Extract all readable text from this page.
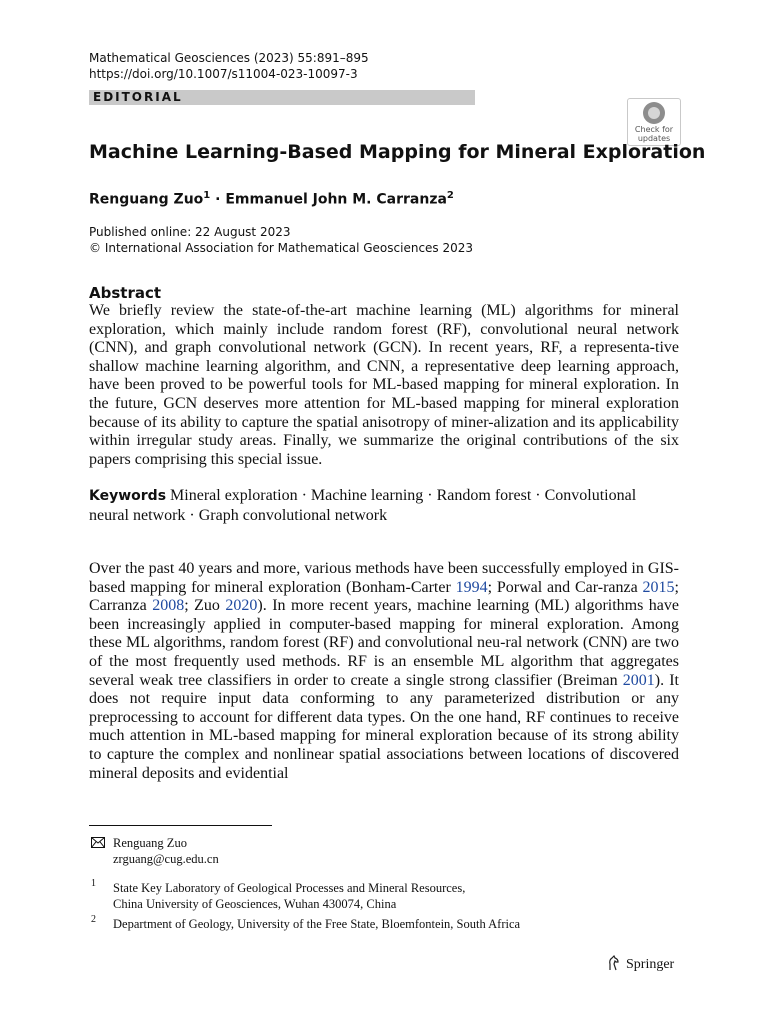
Mathematical Geosciences (2023) 55:891–895
https://doi.org/10.1007/s11004-023-10097-3
EDITORIAL
Check for
updates
Machine Learning-Based Mapping for Mineral Exploration
Renguang Zuo$^1$ · Emmanuel John M. Carranza$^2$
Published online: 22 August 2023
© International Association for Mathematical Geosciences 2023
Abstract
We briefly review the state-of-the-art machine learning (ML) algorithms for mineral exploration, which mainly include random forest (RF), convolutional neural network (CNN), and graph convolutional network (GCN). In recent years, RF, a representa-tive shallow machine learning algorithm, and CNN, a representative deep learning approach, have been proved to be powerful tools for ML-based mapping for mineral exploration. In the future, GCN deserves more attention for ML-based mapping for mineral exploration because of its ability to capture the spatial anisotropy of miner-alization and its applicability within irregular study areas. Finally, we summarize the original contributions of the six papers comprising this special issue.
Keywords Mineral exploration · Machine learning · Random forest · Convolutional neural network · Graph convolutional network
Over the past 40 years and more, various methods have been successfully employed in GIS-based mapping for mineral exploration (Bonham-Carter 1994; Porwal and Car-ranza 2015; Carranza 2008; Zuo 2020). In more recent years, machine learning (ML) algorithms have been increasingly applied in computer-based mapping for mineral exploration. Among these ML algorithms, random forest (RF) and convolutional neu-ral network (CNN) are two of the most frequently used methods. RF is an ensemble ML algorithm that aggregates several weak tree classifiers in order to create a single strong classifier (Breiman 2001). It does not require input data conforming to any parameterized distribution or any preprocessing to account for different data types. On the one hand, RF continues to receive much attention in ML-based mapping for mineral exploration because of its strong ability to capture the complex and nonlinear spatial associations between locations of discovered mineral deposits and evidential
Renguang Zuo
zrguang@cug.edu.cn
1 State Key Laboratory of Geological Processes and Mineral Resources,
China University of Geosciences, Wuhan 430074, China
2 Department of Geology, University of the Free State, Bloemfontein, South Africa
Springer
